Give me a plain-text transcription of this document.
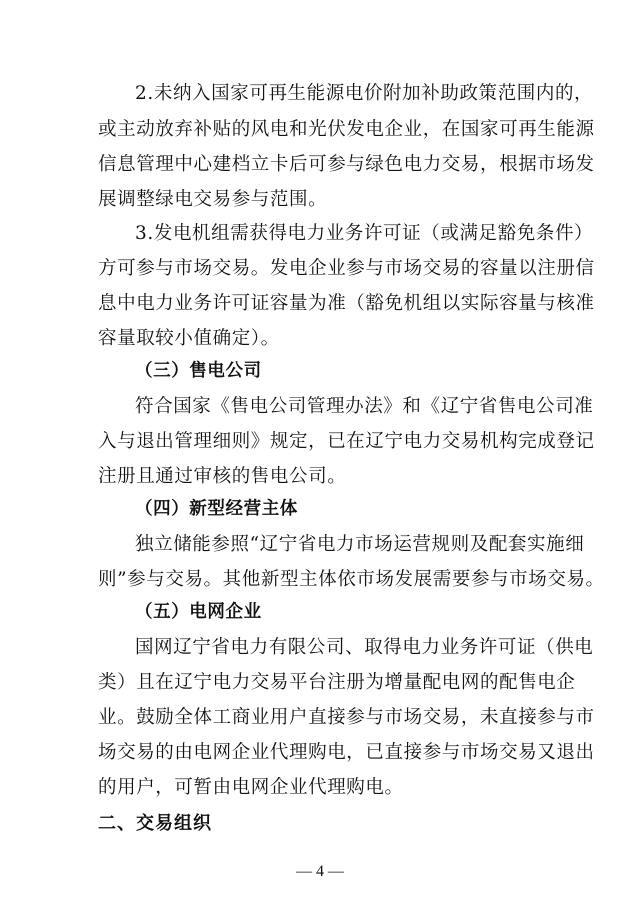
2.未纳入国家可再生能源电价附加补助政策范围内的，
或主动放弃补贴的风电和光伏发电企业，在国家可再生能源
信息管理中心建档立卡后可参与绿色电力交易，根据市场发
展调整绿电交易参与范围。
3.发电机组需获得电力业务许可证（或满足豁免条件）
方可参与市场交易。发电企业参与市场交易的容量以注册信
息中电力业务许可证容量为准（豁免机组以实际容量与核准
容量取较小值确定）。
（三）售电公司
符合国家《售电公司管理办法》和《辽宁省售电公司准
入与退出管理细则》规定，已在辽宁电力交易机构完成登记
注册且通过审核的售电公司。
（四）新型经营主体
独立储能参照“辽宁省电力市场运营规则及配套实施细
则”参与交易。其他新型主体依市场发展需要参与市场交易。
（五）电网企业
国网辽宁省电力有限公司、取得电力业务许可证（供电
类）且在辽宁电力交易平台注册为增量配电网的配售电企
业。鼓励全体工商业用户直接参与市场交易，未直接参与市
场交易的由电网企业代理购电，已直接参与市场交易又退出
的用户，可暂由电网企业代理购电。
二、交易组织
— 4 —
